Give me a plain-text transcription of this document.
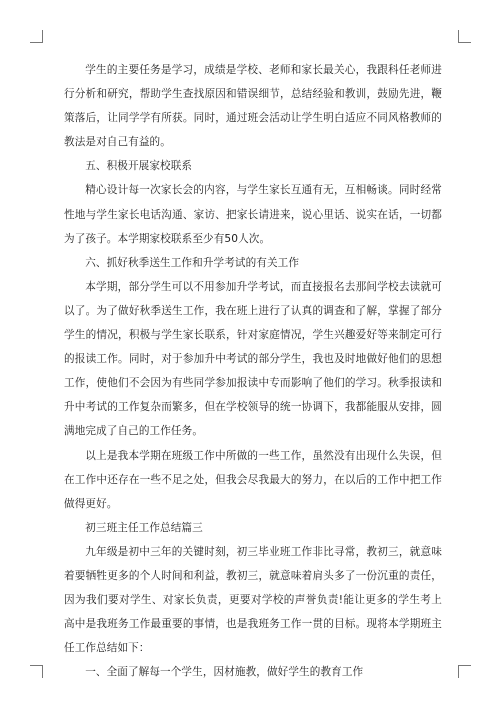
学生的主要任务是学习，成绩是学校、老师和家长最关心，我跟科任老师进行分析和研究，帮助学生查找原因和错误细节，总结经验和教训，鼓励先进，鞭策落后，让同学学有所获。同时，通过班会活动让学生明白适应不同风格教师的教法是对自己有益的。

五、积极开展家校联系

精心设计每一次家长会的内容，与学生家长互通有无，互相畅谈。同时经常性地与学生家长电话沟通、家访、把家长请进来，说心里话、说实在话，一切都为了孩子。本学期家校联系至少有50人次。

六、抓好秋季送生工作和升学考试的有关工作

本学期，部分学生可以不用参加升学考试，而直接报名去那间学校去读就可以了。为了做好秋季送生工作，我在班上进行了认真的调查和了解，掌握了部分学生的情况，积极与学生家长联系，针对家庭情况，学生兴趣爱好等来制定可行的报读工作。同时，对于参加升中考试的部分学生，我也及时地做好他们的思想工作，使他们不会因为有些同学参加报读中专而影响了他们的学习。秋季报读和升中考试的工作复杂而繁多，但在学校领导的统一协调下，我都能服从安排，圆满地完成了自己的工作任务。

以上是我本学期在班级工作中所做的一些工作，虽然没有出现什么失误，但在工作中还存在一些不足之处，但我会尽我最大的努力，在以后的工作中把工作做得更好。

初三班主任工作总结篇三

九年级是初中三年的关键时刻，初三毕业班工作非比寻常，教初三，就意味着要牺牲更多的个人时间和利益，教初三，就意味着肩头多了一份沉重的责任，因为我们要对学生、对家长负责，更要对学校的声誉负责!能让更多的学生考上高中是我班务工作最重要的事情，也是我班务工作一贯的目标。现将本学期班主任工作总结如下：

一、全面了解每一个学生，因材施教，做好学生的教育工作
